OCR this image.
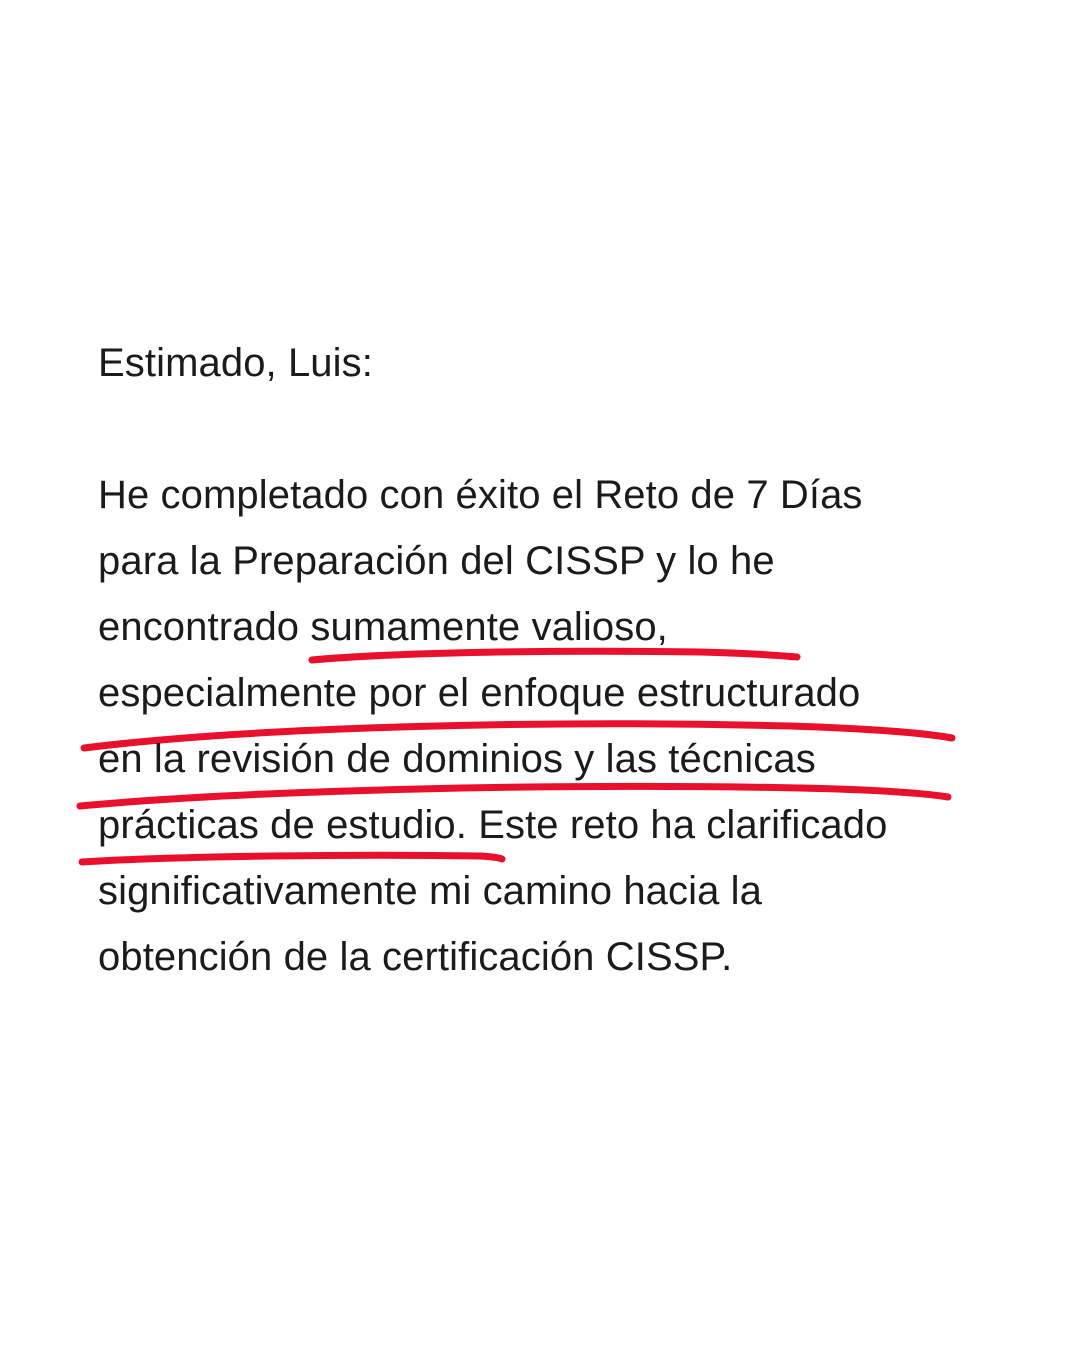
Estimado, Luis:

He completado con éxito el Reto de 7 Días
para la Preparación del CISSP y lo he
encontrado sumamente valioso,
especialmente por el enfoque estructurado
en la revisión de dominios y las técnicas
prácticas de estudio. Este reto ha clarificado
significativamente mi camino hacia la
obtención de la certificación CISSP.
